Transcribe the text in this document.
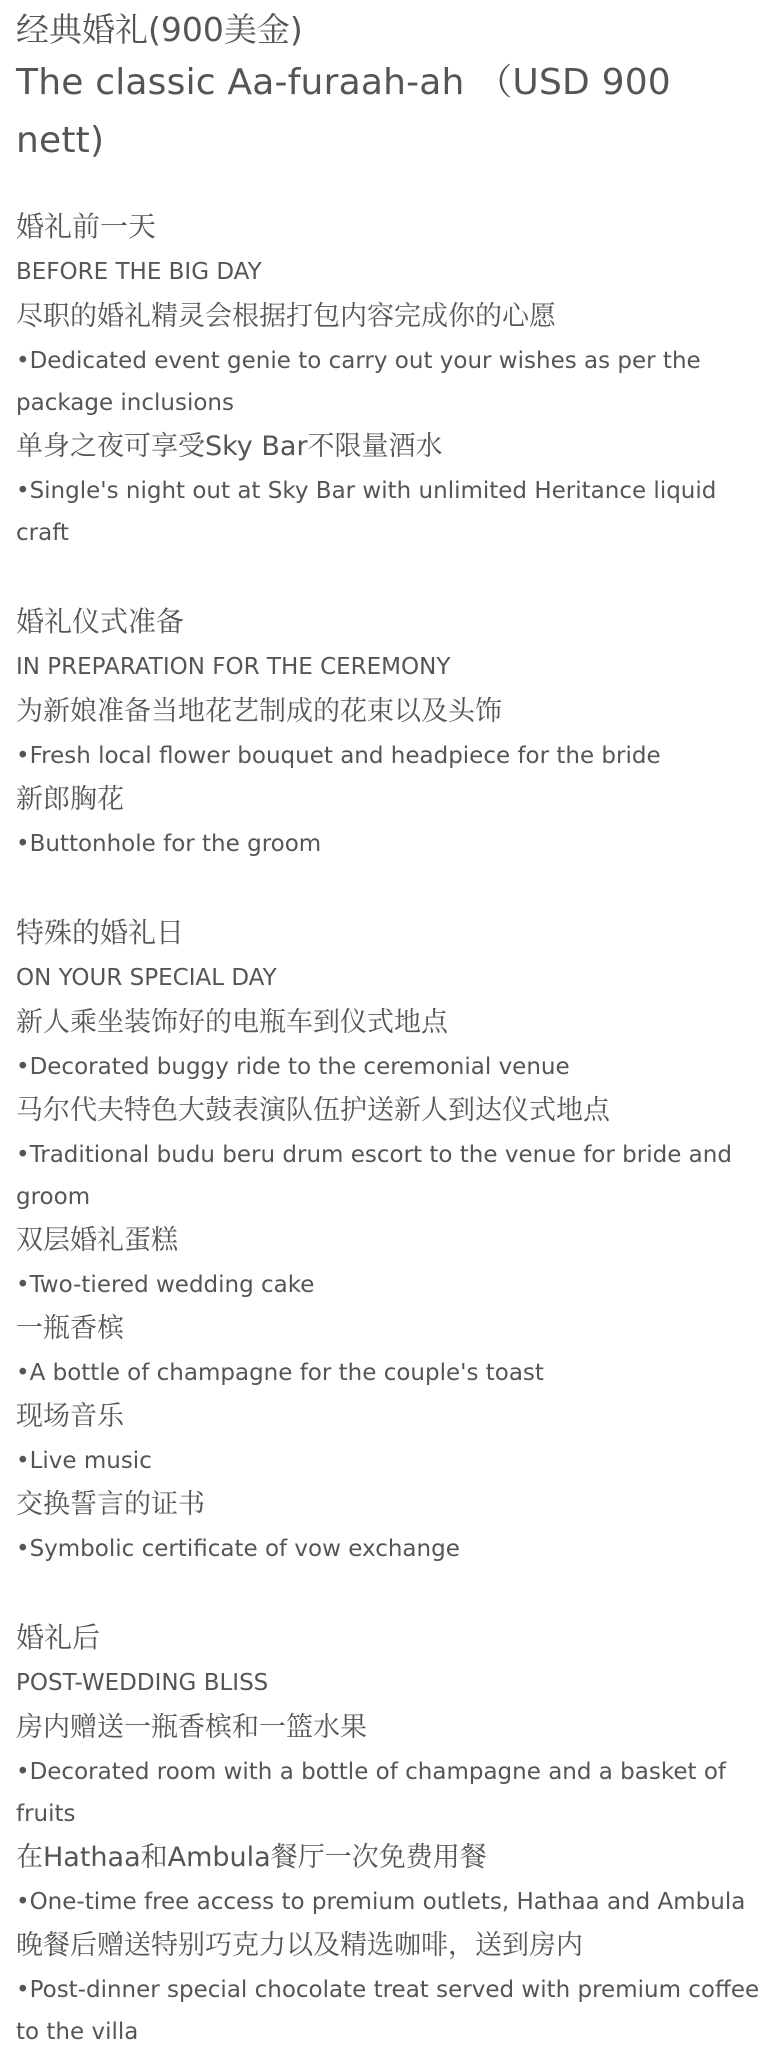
经典婚礼(900美金)
The classic Aa-furaah-ah （USD 900 nett)

婚礼前一天

BEFORE THE BIG DAY

尽职的婚礼精灵会根据打包内容完成你的心愿

•Dedicated event genie to carry out your wishes as per the package inclusions

单身之夜可享受Sky Bar不限量酒水

•Single's night out at Sky Bar with unlimited Heritance liquid craft

婚礼仪式准备

IN PREPARATION FOR THE CEREMONY

为新娘准备当地花艺制成的花束以及头饰

•Fresh local flower bouquet and headpiece for the bride

新郎胸花

•Buttonhole for the groom

特殊的婚礼日

ON YOUR SPECIAL DAY

新人乘坐装饰好的电瓶车到仪式地点

•Decorated buggy ride to the ceremonial venue

马尔代夫特色大鼓表演队伍护送新人到达仪式地点

•Traditional budu beru drum escort to the venue for bride and groom

双层婚礼蛋糕

•Two-tiered wedding cake

一瓶香槟

•A bottle of champagne for the couple's toast

现场音乐

•Live music

交换誓言的证书

•Symbolic certificate of vow exchange

婚礼后

POST-WEDDING BLISS

房内赠送一瓶香槟和一篮水果

•Decorated room with a bottle of champagne and a basket of fruits

在Hathaa和Ambula餐厅一次免费用餐

•One-time free access to premium outlets, Hathaa and Ambula

晚餐后赠送特别巧克力以及精选咖啡，送到房内

•Post-dinner special chocolate treat served with premium coffee to the villa
